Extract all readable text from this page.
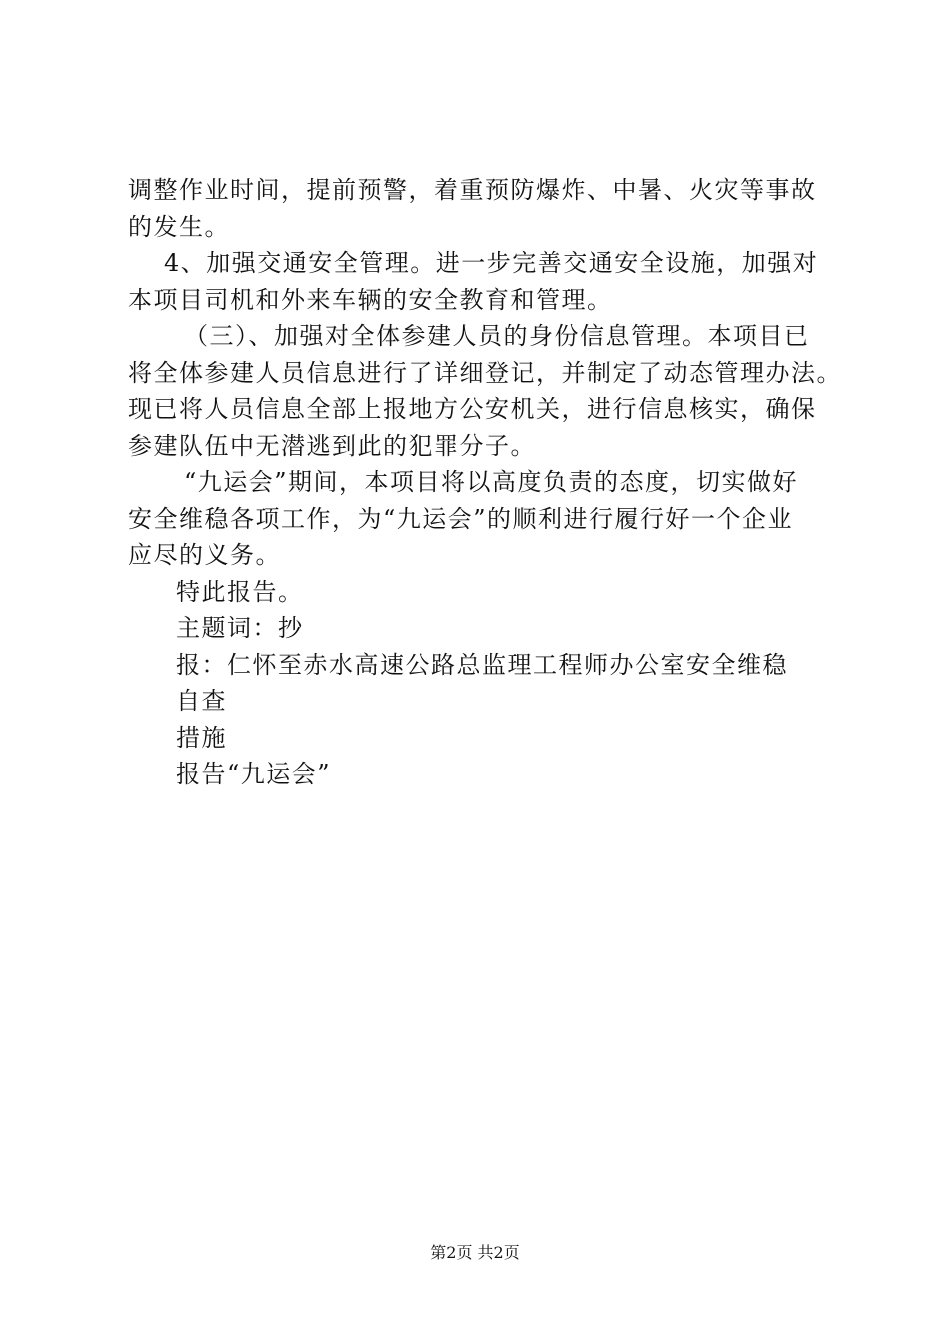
调整作业时间，提前预警，着重预防爆炸、中暑、火灾等事故
的发生。
4、加强交通安全管理。进一步完善交通安全设施，加强对
本项目司机和外来车辆的安全教育和管理。
（三）、加强对全体参建人员的身份信息管理。本项目已
将全体参建人员信息进行了详细登记，并制定了动态管理办法。
现已将人员信息全部上报地方公安机关，进行信息核实，确保
参建队伍中无潜逃到此的犯罪分子。
“九运会”期间，本项目将以高度负责的态度，切实做好
安全维稳各项工作，为“九运会”的顺利进行履行好一个企业
应尽的义务。
特此报告。
主题词：抄
报：仁怀至赤水高速公路总监理工程师办公室安全维稳
自查
措施
报告“九运会”
第2页 共2页
